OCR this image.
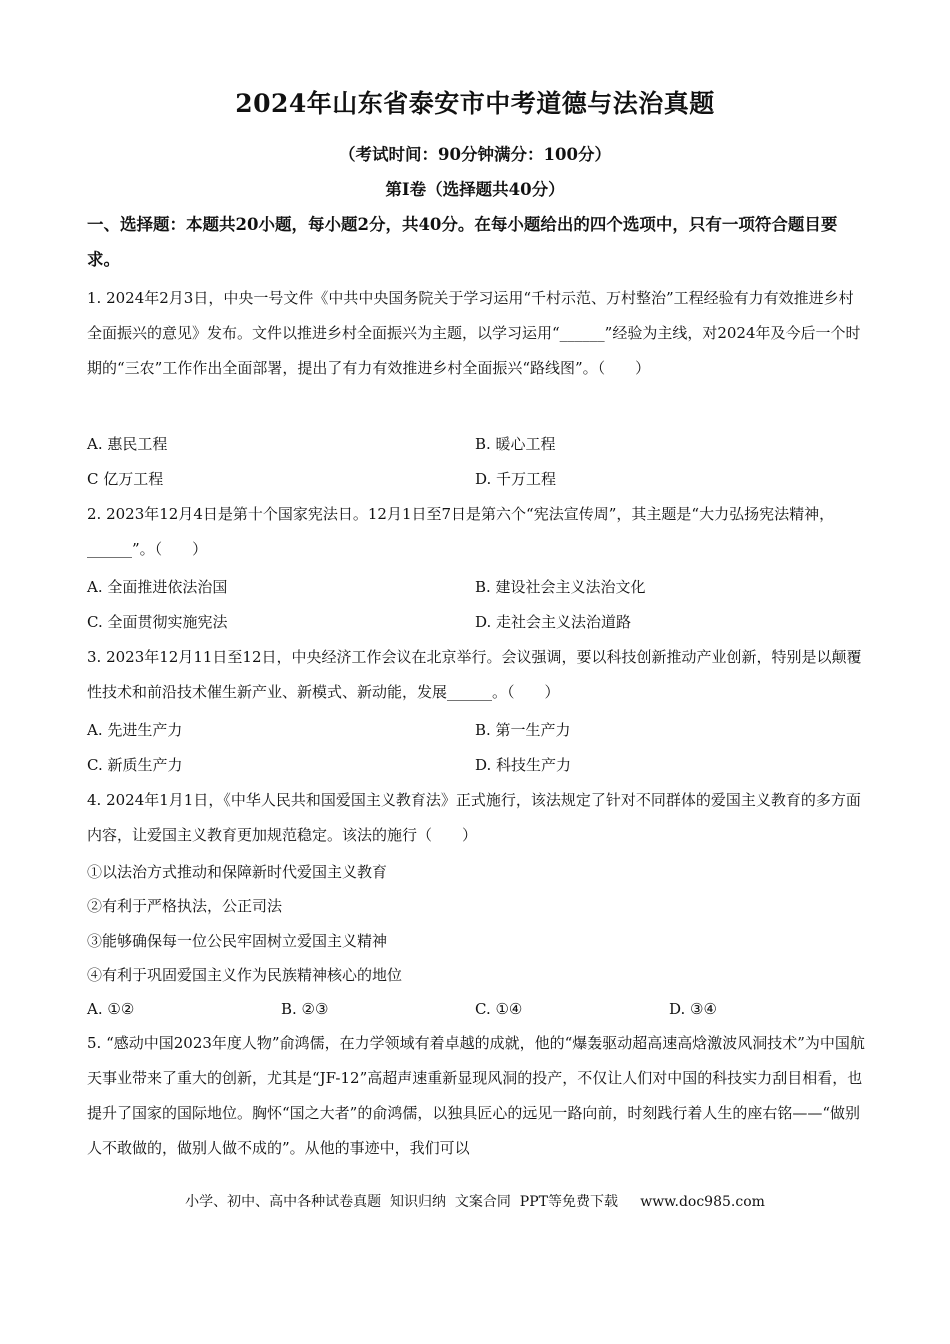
2024年山东省泰安市中考道德与法治真题
（考试时间：90分钟满分：100分）
第Ⅰ卷（选择题共40分）
一、选择题：本题共20小题，每小题2分，共40分。在每小题给出的四个选项中，只有一项符合题目要求。
1. 2024年2月3日，中央一号文件《中共中央国务院关于学习运用“千村示范、万村整治”工程经验有力有效推进乡村全面振兴的意见》发布。文件以推进乡村全面振兴为主题，以学习运用“______”经验为主线，对2024年及今后一个时期的“三农”工作作出全面部署，提出了有力有效推进乡村全面振兴“路线图”。（　　）
A. 惠民工程	B. 暖心工程
C 亿万工程	D. 千万工程
2. 2023年12月4日是第十个国家宪法日。12月1日至7日是第六个“宪法宣传周”，其主题是“大力弘扬宪法精神，______”。（　　）
A. 全面推进依法治国	B. 建设社会主义法治文化
C. 全面贯彻实施宪法	D. 走社会主义法治道路
3. 2023年12月11日至12日，中央经济工作会议在北京举行。会议强调，要以科技创新推动产业创新，特别是以颠覆性技术和前沿技术催生新产业、新模式、新动能，发展______。（　　）
A. 先进生产力	B. 第一生产力
C. 新质生产力	D. 科技生产力
4. 2024年1月1日，《中华人民共和国爱国主义教育法》正式施行，该法规定了针对不同群体的爱国主义教育的多方面内容，让爱国主义教育更加规范稳定。该法的施行（　　）
①以法治方式推动和保障新时代爱国主义教育
②有利于严格执法，公正司法
③能够确保每一位公民牢固树立爱国主义精神
④有利于巩固爱国主义作为民族精神核心的地位
A. ①②	B. ②③	C. ①④	D. ③④
5. “感动中国2023年度人物”俞鸿儒，在力学领域有着卓越的成就，他的“爆轰驱动超高速高焓激波风洞技术”为中国航天事业带来了重大的创新，尤其是“JF-12”高超声速重新显现风洞的投产，不仅让人们对中国的科技实力刮目相看，也提升了国家的国际地位。胸怀“国之大者”的俞鸿儒，以独具匠心的远见一路向前，时刻践行着人生的座右铭——“做别人不敢做的，做别人做不成的”。从他的事迹中，我们可以
小学、初中、高中各种试卷真题  知识归纳  文案合同  PPT等免费下载     www.doc985.com
